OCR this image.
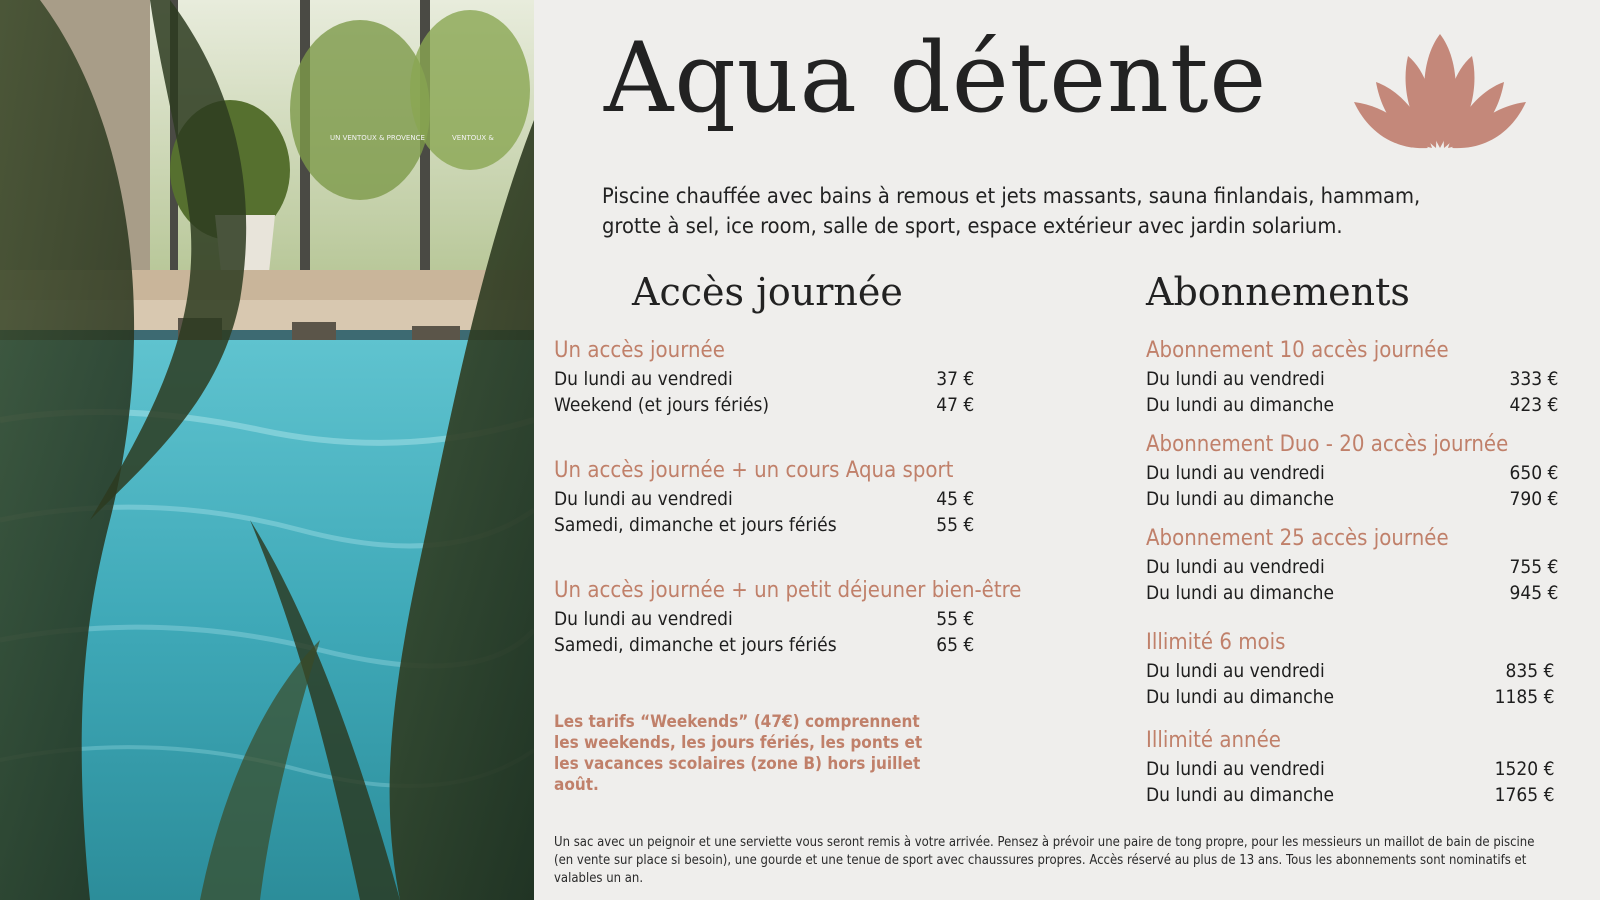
UN VENTOUX & PROVENCE	VENTOUX &
Aqua détente
Piscine chauffée avec bains à remous et jets massants, sauna finlandais, hammam, grotte à sel, ice room, salle de sport, espace extérieur avec jardin solarium.
Accès journée	Abonnements
Un accès journée
Du lundi au vendredi	37 €
Weekend (et jours fériés)	47 €
Un accès journée + un cours Aqua sport
Du lundi au vendredi	45 €
Samedi, dimanche et jours fériés	55 €
Un accès journée + un petit déjeuner bien-être
Du lundi au vendredi	55 €
Samedi, dimanche et jours fériés	65 €
Les tarifs “Weekends” (47€) comprennent les weekends, les jours fériés, les ponts et les vacances scolaires (zone B) hors juillet août.
Abonnement 10 accès journée
Du lundi au vendredi	333 €
Du lundi au dimanche	423 €
Abonnement Duo - 20 accès journée
Du lundi au vendredi	650 €
Du lundi au dimanche	790 €
Abonnement 25 accès journée
Du lundi au vendredi	755 €
Du lundi au dimanche	945 €
Illimité 6 mois
Du lundi au vendredi	835 €
Du lundi au dimanche	1185 €
Illimité année
Du lundi au vendredi	1520 €
Du lundi au dimanche	1765 €
Un sac avec un peignoir et une serviette vous seront remis à votre arrivée. Pensez à prévoir une paire de tong propre, pour les messieurs un maillot de bain de piscine (en vente sur place si besoin), une gourde et une tenue de sport avec chaussures propres. Accès réservé au plus de 13 ans. Tous les abonnements sont nominatifs et valables un an.
